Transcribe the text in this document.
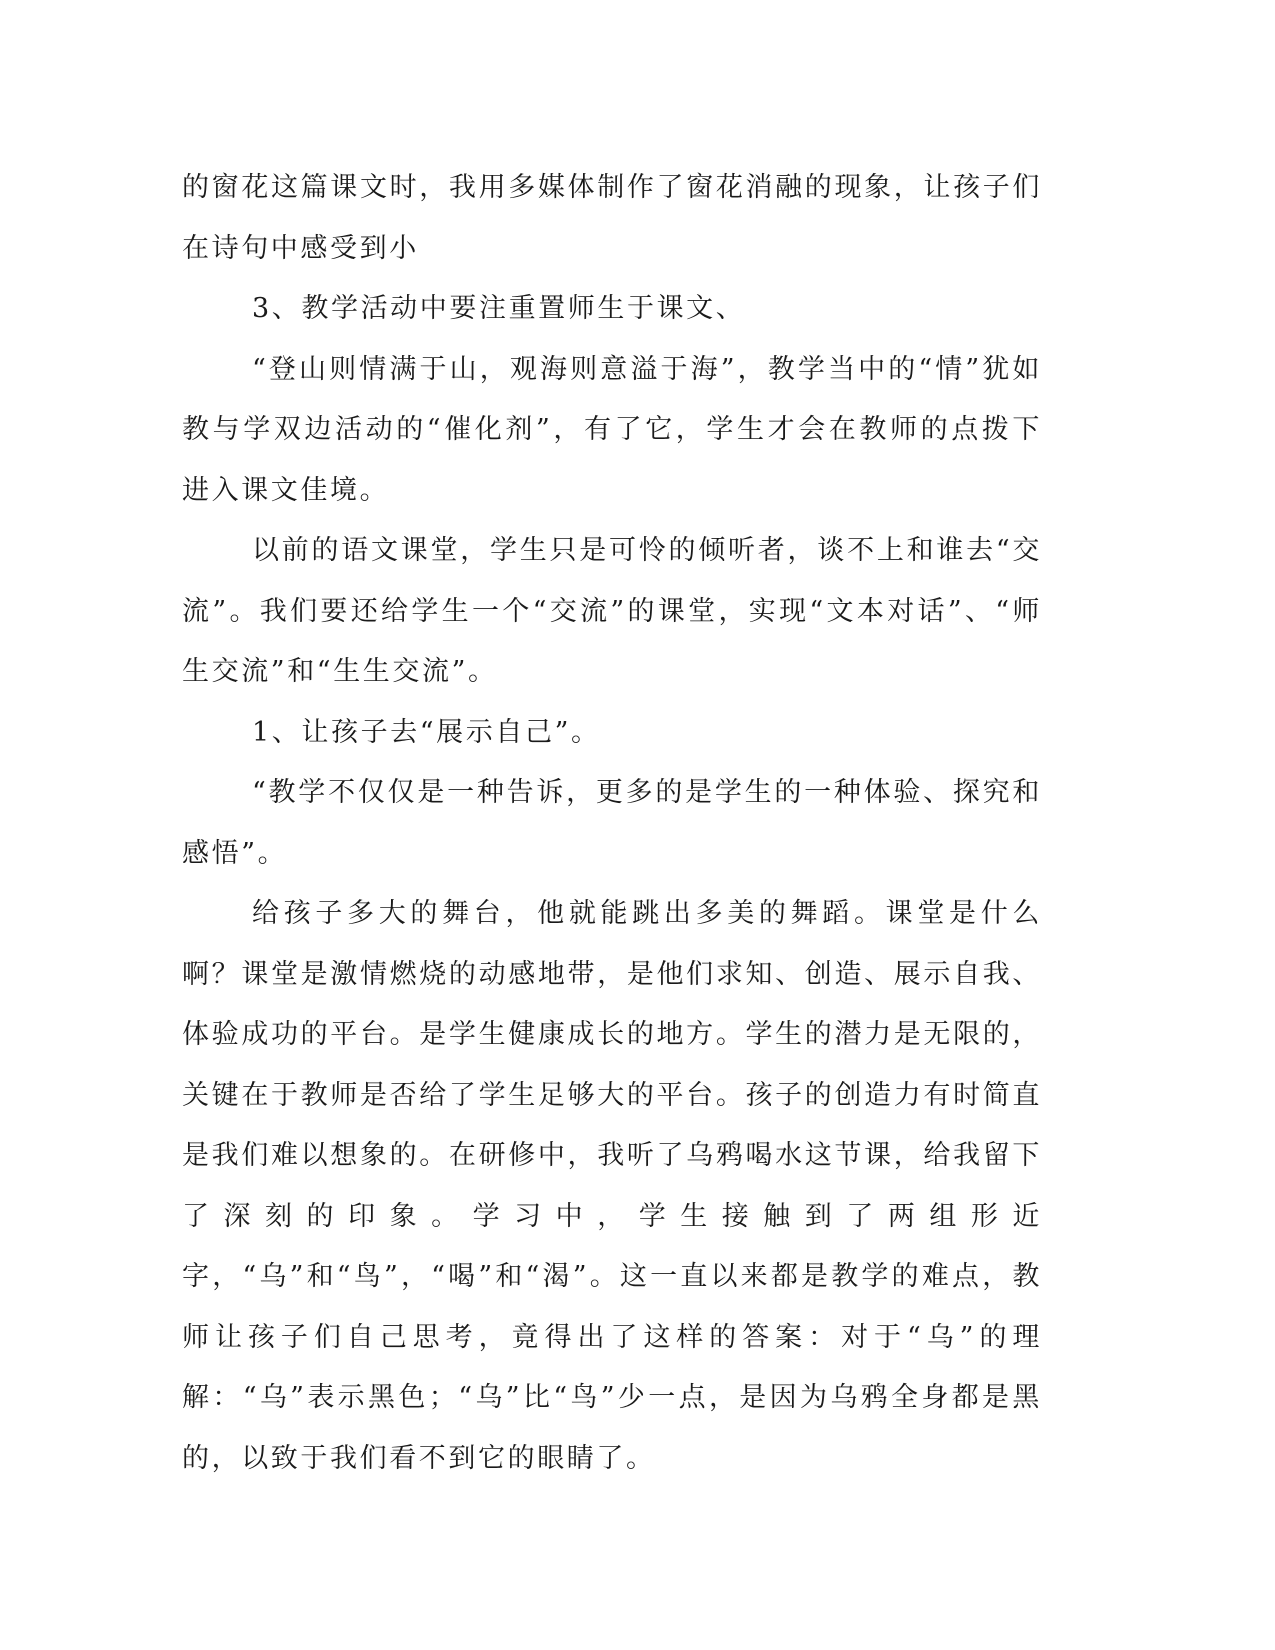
的窗花这篇课文时，我用多媒体制作了窗花消融的现象，让孩子们在诗句中感受到小

3、教学活动中要注重置师生于课文、

“登山则情满于山，观海则意溢于海”，教学当中的“情”犹如教与学双边活动的“催化剂”，有了它，学生才会在教师的点拨下进入课文佳境。

以前的语文课堂，学生只是可怜的倾听者，谈不上和谁去“交流”。我们要还给学生一个“交流”的课堂，实现“文本对话”、“师生交流”和“生生交流”。

1、让孩子去“展示自己”。

“教学不仅仅是一种告诉，更多的是学生的一种体验、探究和感悟”。

给孩子多大的舞台，他就能跳出多美的舞蹈。课堂是什么啊？课堂是激情燃烧的动感地带，是他们求知、创造、展示自我、体验成功的平台。是学生健康成长的地方。学生的潜力是无限的，关键在于教师是否给了学生足够大的平台。孩子的创造力有时简直是我们难以想象的。在研修中，我听了乌鸦喝水这节课，给我留下了深刻的印象。学习中，学生接触到了两组形近字，“乌”和“鸟”，“喝”和“渴”。这一直以来都是教学的难点，教师让孩子们自己思考，竟得出了这样的答案：对于“乌”的理解：“乌”表示黑色；“乌”比“鸟”少一点，是因为乌鸦全身都是黑的，以致于我们看不到它的眼睛了。
